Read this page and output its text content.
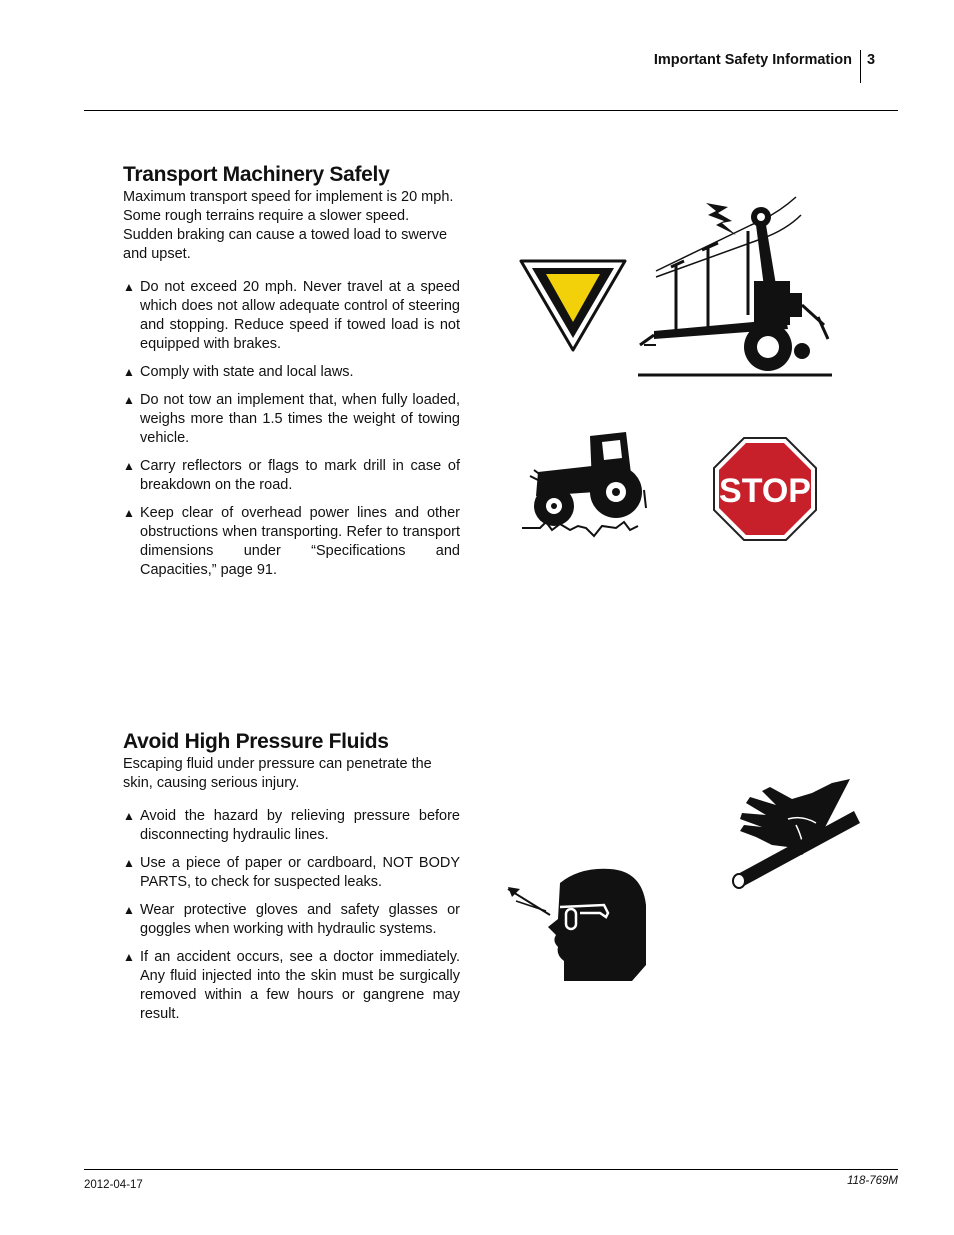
Important Safety Information 3
Transport Machinery Safely

Maximum transport speed for implement is 20 mph. Some rough terrains require a slower speed. Sudden braking can cause a towed load to swerve and upset.

▲ Do not exceed 20 mph. Never travel at a speed which does not allow adequate control of steering and stopping. Reduce speed if towed load is not equipped with brakes.
▲ Comply with state and local laws.
▲ Do not tow an implement that, when fully loaded, weighs more than 1.5 times the weight of towing vehicle.
▲ Carry reflectors or flags to mark drill in case of breakdown on the road.
▲ Keep clear of overhead power lines and other obstructions when transporting. Refer to transport dimensions under “Specifications and Capacities,” page 91.
Avoid High Pressure Fluids

Escaping fluid under pressure can penetrate the skin, causing serious injury.

▲ Avoid the hazard by relieving pressure before disconnecting hydraulic lines.
▲ Use a piece of paper or cardboard, NOT BODY PARTS, to check for suspected leaks.
▲ Wear protective gloves and safety glasses or goggles when working with hydraulic systems.
▲ If an accident occurs, see a doctor immediately. Any fluid injected into the skin must be surgically removed within a few hours or gangrene may result.
STOP
2012-04-17	118-769M
